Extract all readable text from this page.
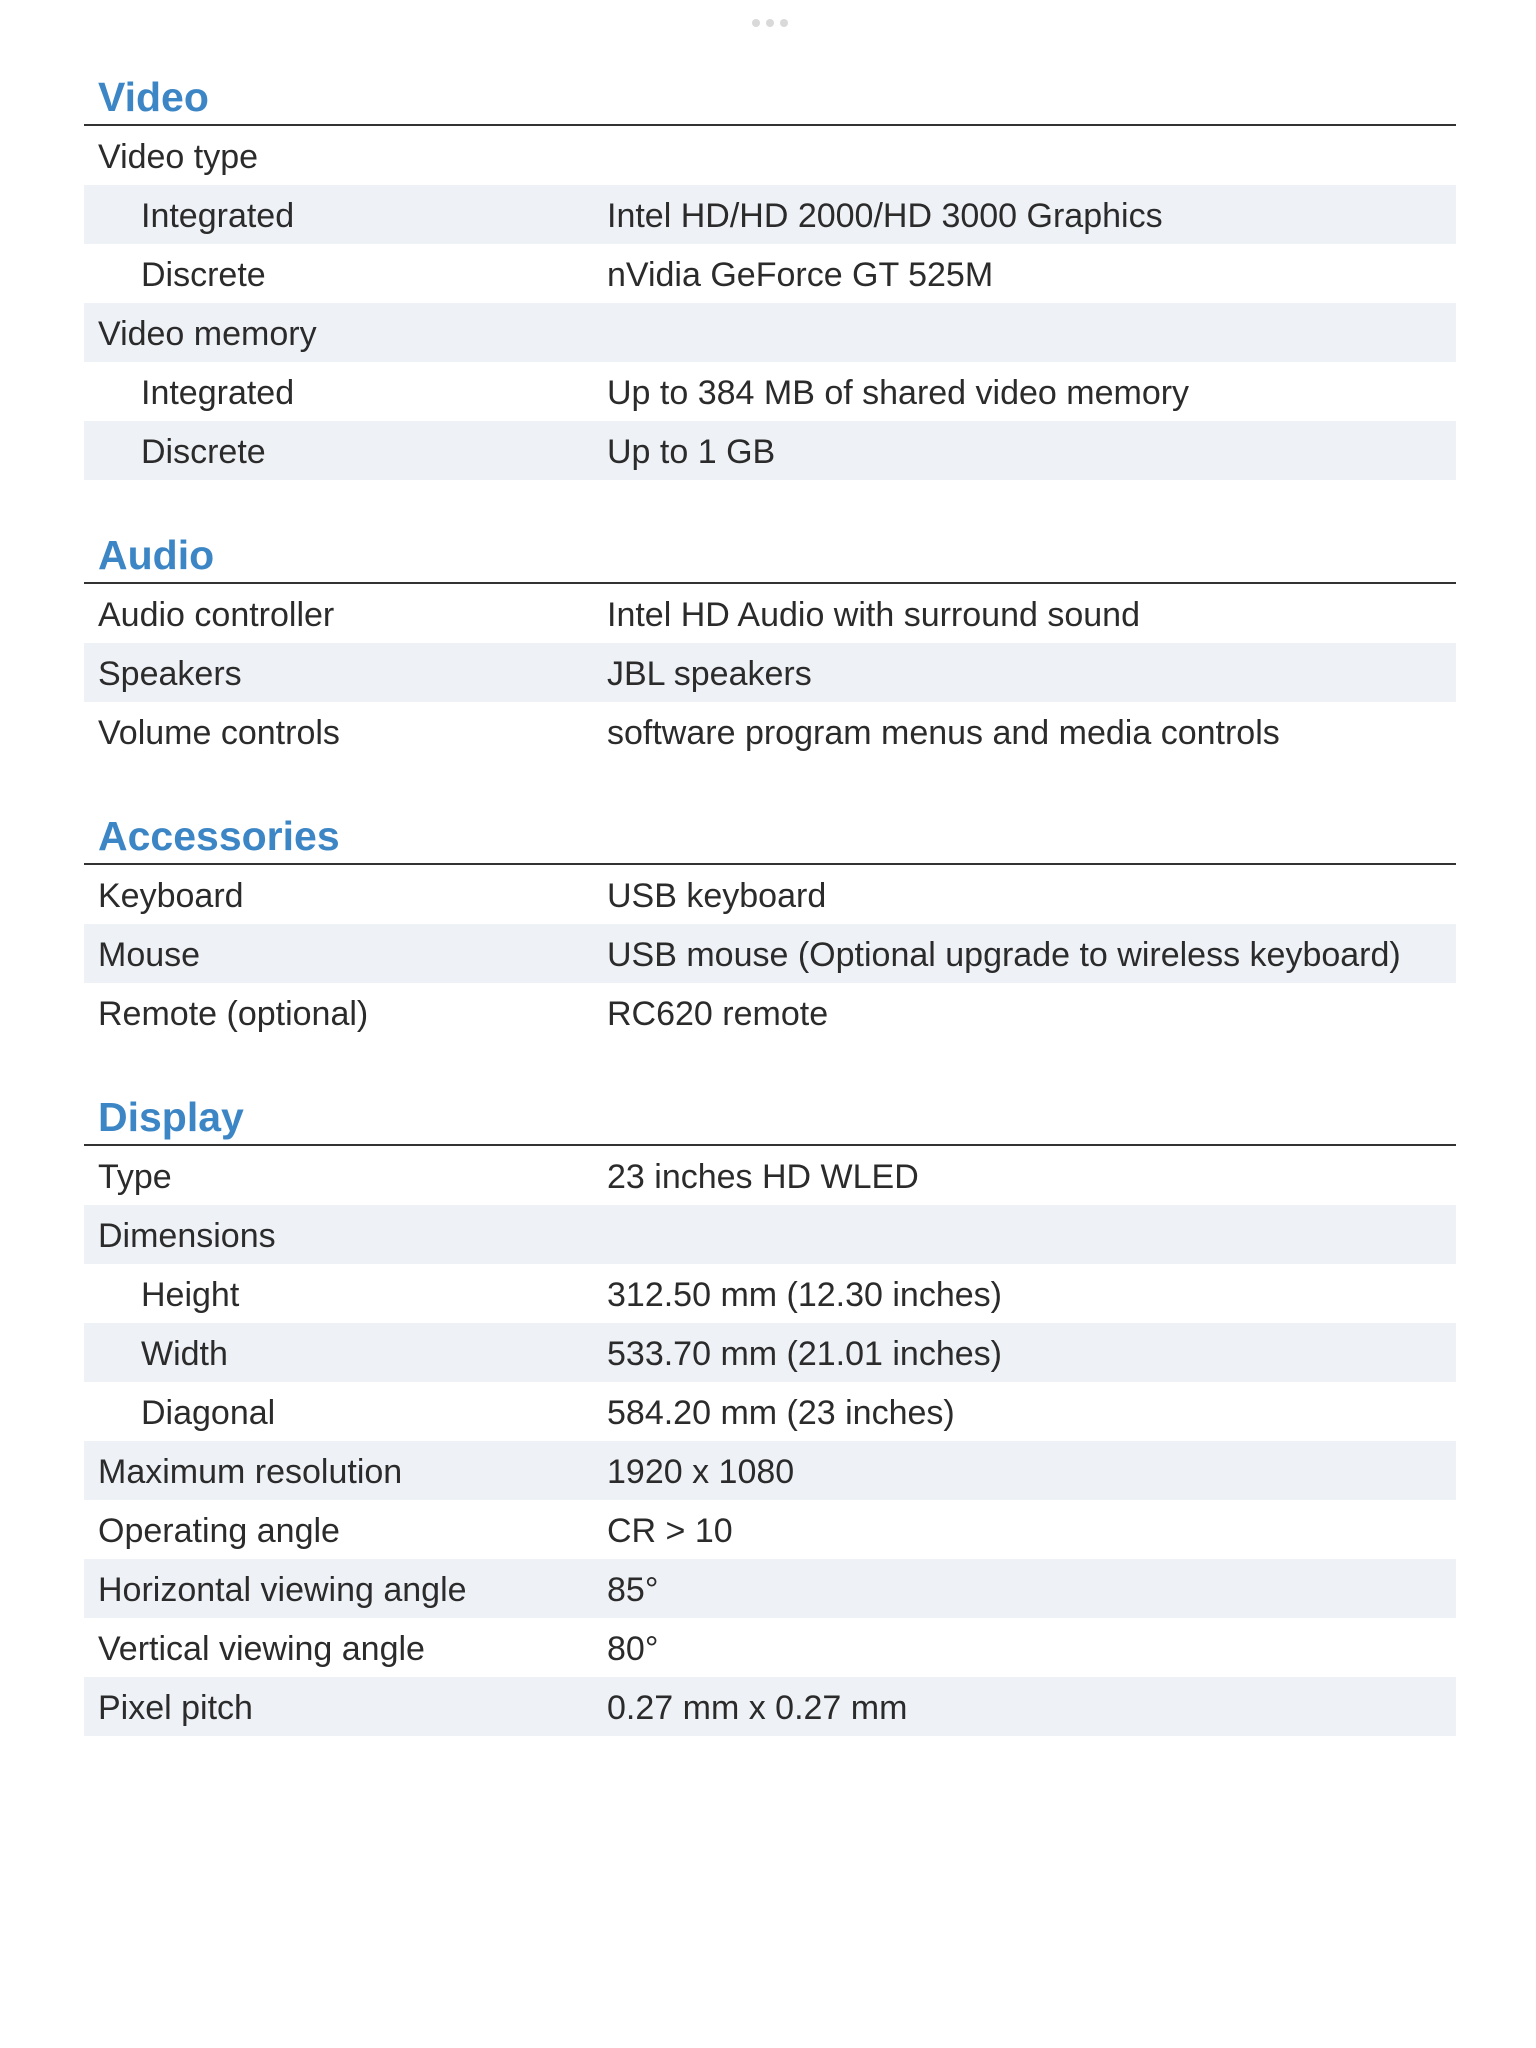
Video
Video type
Integrated	Intel HD/HD 2000/HD 3000 Graphics
Discrete	nVidia GeForce GT 525M
Video memory
Integrated	Up to 384 MB of shared video memory
Discrete	Up to 1 GB
Audio
Audio controller	Intel HD Audio with surround sound
Speakers	JBL speakers
Volume controls	software program menus and media controls
Accessories
Keyboard	USB keyboard
Mouse	USB mouse (Optional upgrade to wireless keyboard)
Remote (optional)	RC620 remote
Display
Type	23 inches HD WLED
Dimensions
Height	312.50 mm (12.30 inches)
Width	533.70 mm (21.01 inches)
Diagonal	584.20 mm (23 inches)
Maximum resolution	1920 x 1080
Operating angle	CR > 10
Horizontal viewing angle	85°
Vertical viewing angle	80°
Pixel pitch	0.27 mm x 0.27 mm
